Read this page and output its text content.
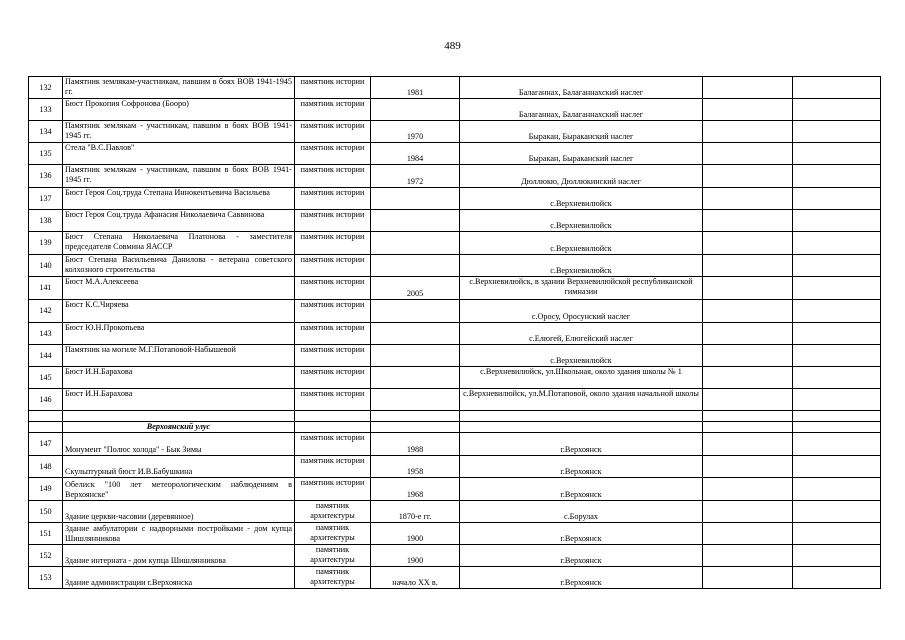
489
132	Памятник землякам-участникам, павшим в боях ВОВ 1941-1945 гг.	памятник истории	1981	Балаганнах, Балаганнахский наслег		
133	Бюст Прокопия Софронова (Бооро)	памятник истории		Балаганнах, Балаганнахский наслег		
134	Памятник землякам - участникам, павшим в боях ВОВ 1941-1945 гг.	памятник истории	1970	Быракан, Быраканский наслег		
135	Стела "В.С.Павлов"	памятник истории	1984	Быракан, Быраканский наслег		
136	Памятник землякам - участникам, павшим в боях ВОВ 1941-1945 гг.	памятник истории	1972	Дюллюкю, Дюллюкинский наслег		
137	Бюст Героя Соц.труда Степана Иннокентьевича Васильева	памятник истории		с.Верхневилюйск		
138	Бюст Героя Соц.труда Афанасия Николаевича Саввинова	памятник истории		с.Верхневилюйск		
139	Бюст Степана Николаевича Платонова - заместителя председателя Совмина ЯАССР	памятник истории		с.Верхневилюйск		
140	Бюст Степана Васильевича Данилова - ветерана советского колхозного строительства	памятник истории		с.Верхневилюйск		
141	Бюст М.А.Алексеева	памятник истории	2005	с.Верхневилюйск, в здании Верхневилюйской республиканской гимназии		
142	Бюст К.С.Чиряева	памятник истории		с.Оросу, Оросунский наслег		
143	Бюст Ю.Н.Прокопьева	памятник истории		с.Елюгей, Елюгейский наслег		
144	Памятник на могиле М.Г.Потаповой-Набышевой	памятник истории		с.Верхневилюйск		
145	Бюст И.Н.Барахова	памятник истории		с.Верхневилюйск, ул.Школьная, около здания школы № 1		
146	Бюст И.Н.Барахова	памятник истории		с.Верхневилюйск, ул.М.Потаповой, около здания начальной школы		

	Верхоянский улус					
147	Монумент "Полюс холода" - Бык Зимы	памятник истории	1988	г.Верхоянск		
148	Скульптурный бюст И.В.Бабушкина	памятник истории	1958	г.Верхоянск		
149	Обелиск "100 лет метеорологическим наблюдениям в Верхоянске"	памятник истории	1968	г.Верхоянск		
150	Здание церкви-часовни (деревянное)	памятник архитектуры	1870-е гг.	с.Борулах		
151	Здание амбулатории с надворными постройками - дом купца Шишлянникова	памятник архитектуры	1900	г.Верхоянск		
152	Здание интерната - дом купца Шишлянникова	памятник архитектуры	1900	г.Верхоянск		
153	Здание администрации г.Верхоянска	памятник архитектуры	начало XX в.	г.Верхоянск		
